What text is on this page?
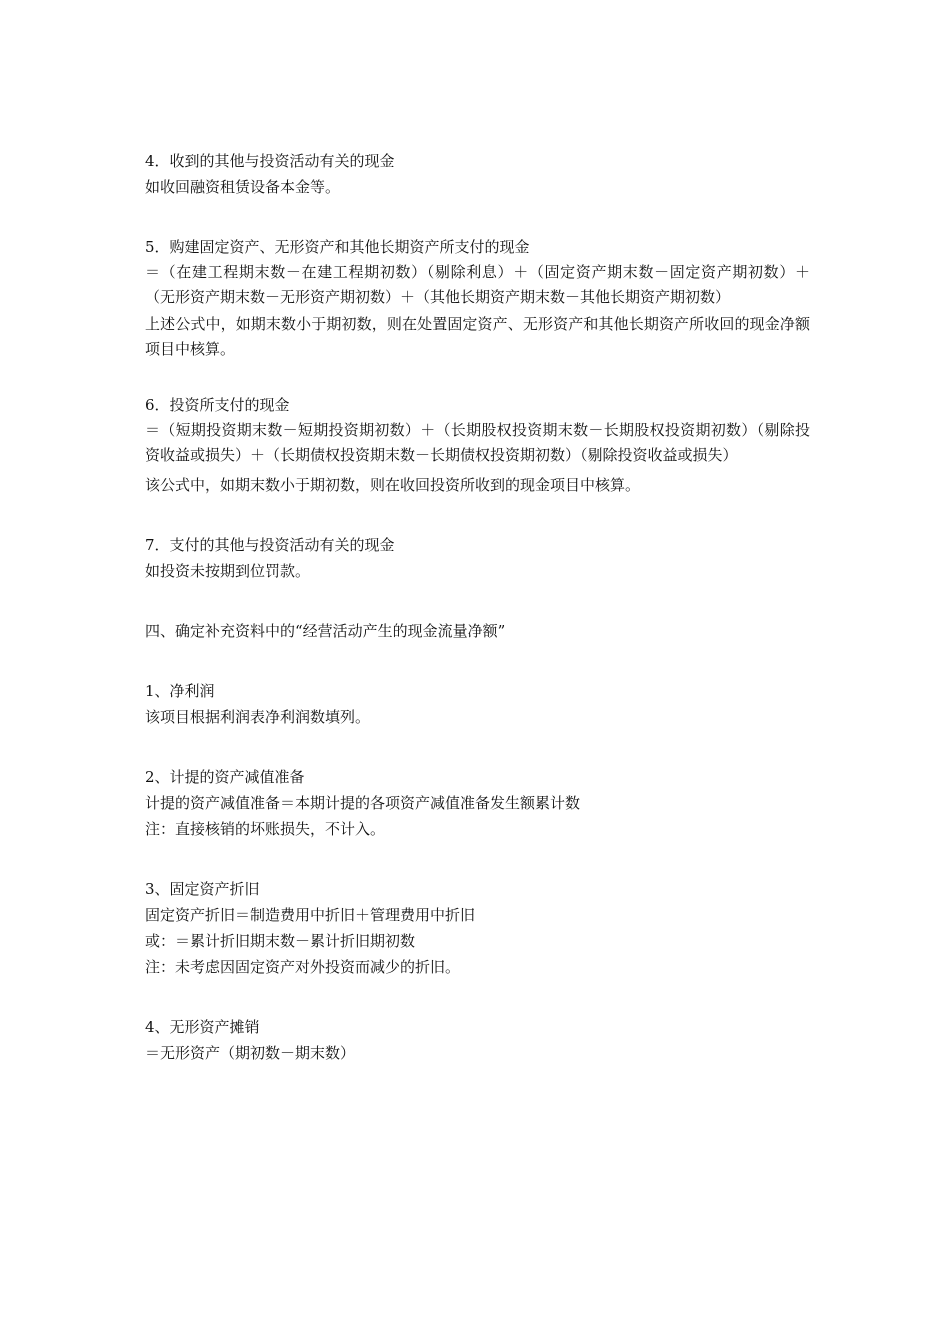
4．收到的其他与投资活动有关的现金
如收回融资租赁设备本金等。
5．购建固定资产、无形资产和其他长期资产所支付的现金
＝（在建工程期末数－在建工程期初数）（剔除利息）＋（固定资产期末数－固定资产期初数）＋（无形资产期末数－无形资产期初数）＋（其他长期资产期末数－其他长期资产期初数）
上述公式中，如期末数小于期初数，则在处置固定资产、无形资产和其他长期资产所收回的现金净额项目中核算。
6．投资所支付的现金
＝（短期投资期末数－短期投资期初数）＋（长期股权投资期末数－长期股权投资期初数）（剔除投资收益或损失）＋（长期债权投资期末数－长期债权投资期初数）（剔除投资收益或损失）
该公式中，如期末数小于期初数，则在收回投资所收到的现金项目中核算。
7．支付的其他与投资活动有关的现金
如投资未按期到位罚款。
四、确定补充资料中的“经营活动产生的现金流量净额”
1、净利润
该项目根据利润表净利润数填列。
2、计提的资产减值准备
计提的资产减值准备＝本期计提的各项资产减值准备发生额累计数
注：直接核销的坏账损失，不计入。
3、固定资产折旧
固定资产折旧＝制造费用中折旧＋管理费用中折旧
或：＝累计折旧期末数－累计折旧期初数
注：未考虑因固定资产对外投资而减少的折旧。
4、无形资产摊销
＝无形资产（期初数－期末数）
